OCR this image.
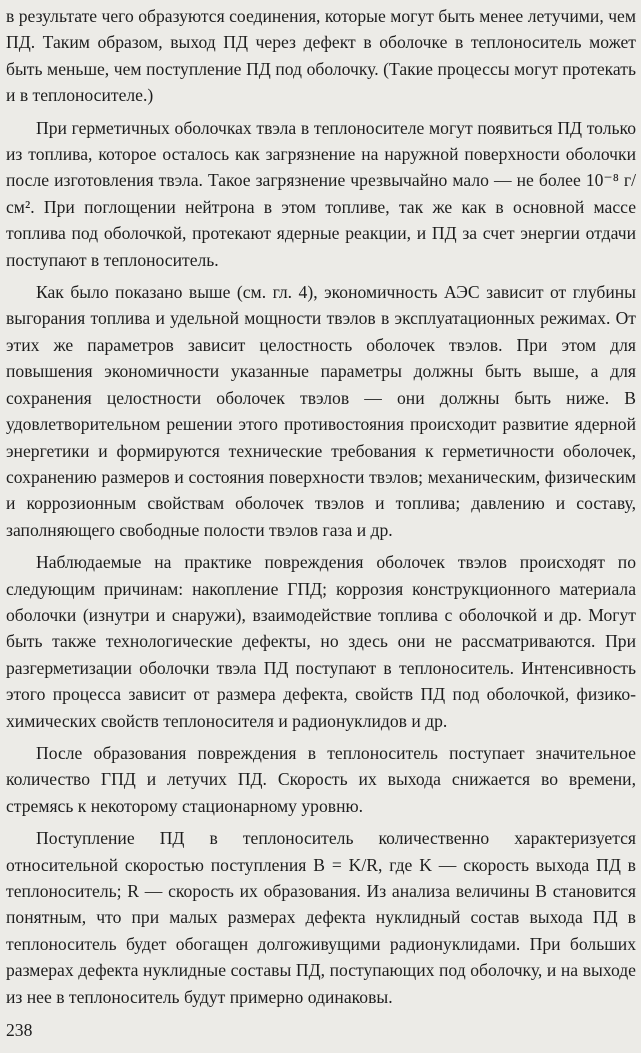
в результате чего образуются соединения, которые могут быть менее летучими, чем ПД. Таким образом, выход ПД через дефект в оболочке в теплоноситель может быть меньше, чем поступление ПД под оболочку. (Такие процессы могут протекать и в теплоносителе.)

При герметичных оболочках твэла в теплоносителе могут появиться ПД только из топлива, которое осталось как загрязнение на наружной поверхности оболочки после изготовления твэла. Такое загрязнение чрезвычайно мало — не более 10⁻⁸ г/см². При поглощении нейтрона в этом топливе, так же как в основной массе топлива под оболочкой, протекают ядерные реакции, и ПД за счет энергии отдачи поступают в теплоноситель.

Как было показано выше (см. гл. 4), экономичность АЭС зависит от глубины выгорания топлива и удельной мощности твэлов в эксплуатационных режимах. От этих же параметров зависит целостность оболочек твэлов. При этом для повышения экономичности указанные параметры должны быть выше, а для сохранения целостности оболочек твэлов — они должны быть ниже. В удовлетворительном решении этого противостояния происходит развитие ядерной энергетики и формируются технические требования к герметичности оболочек, сохранению размеров и состояния поверхности твэлов; механическим, физическим и коррозионным свойствам оболочек твэлов и топлива; давлению и составу, заполняющего свободные полости твэлов газа и др.

Наблюдаемые на практике повреждения оболочек твэлов происходят по следующим причинам: накопление ГПД; коррозия конструкционного материала оболочки (изнутри и снаружи), взаимодействие топлива с оболочкой и др. Могут быть также технологические дефекты, но здесь они не рассматриваются. При разгерметизации оболочки твэла ПД поступают в теплоноситель. Интенсивность этого процесса зависит от размера дефекта, свойств ПД под оболочкой, физико-химических свойств теплоносителя и радионуклидов и др.

После образования повреждения в теплоноситель поступает значительное количество ГПД и летучих ПД. Скорость их выхода снижается во времени, стремясь к некоторому стационарному уровню.

Поступление ПД в теплоноситель количественно характеризуется относительной скоростью поступления B = K/R, где K — скорость выхода ПД в теплоноситель; R — скорость их образования. Из анализа величины B становится понятным, что при малых размерах дефекта нуклидный состав выхода ПД в теплоноситель будет обогащен долгоживущими радионуклидами. При больших размерах дефекта нуклидные составы ПД, поступающих под оболочку, и на выходе из нее в теплоноситель будут примерно одинаковы.

238
